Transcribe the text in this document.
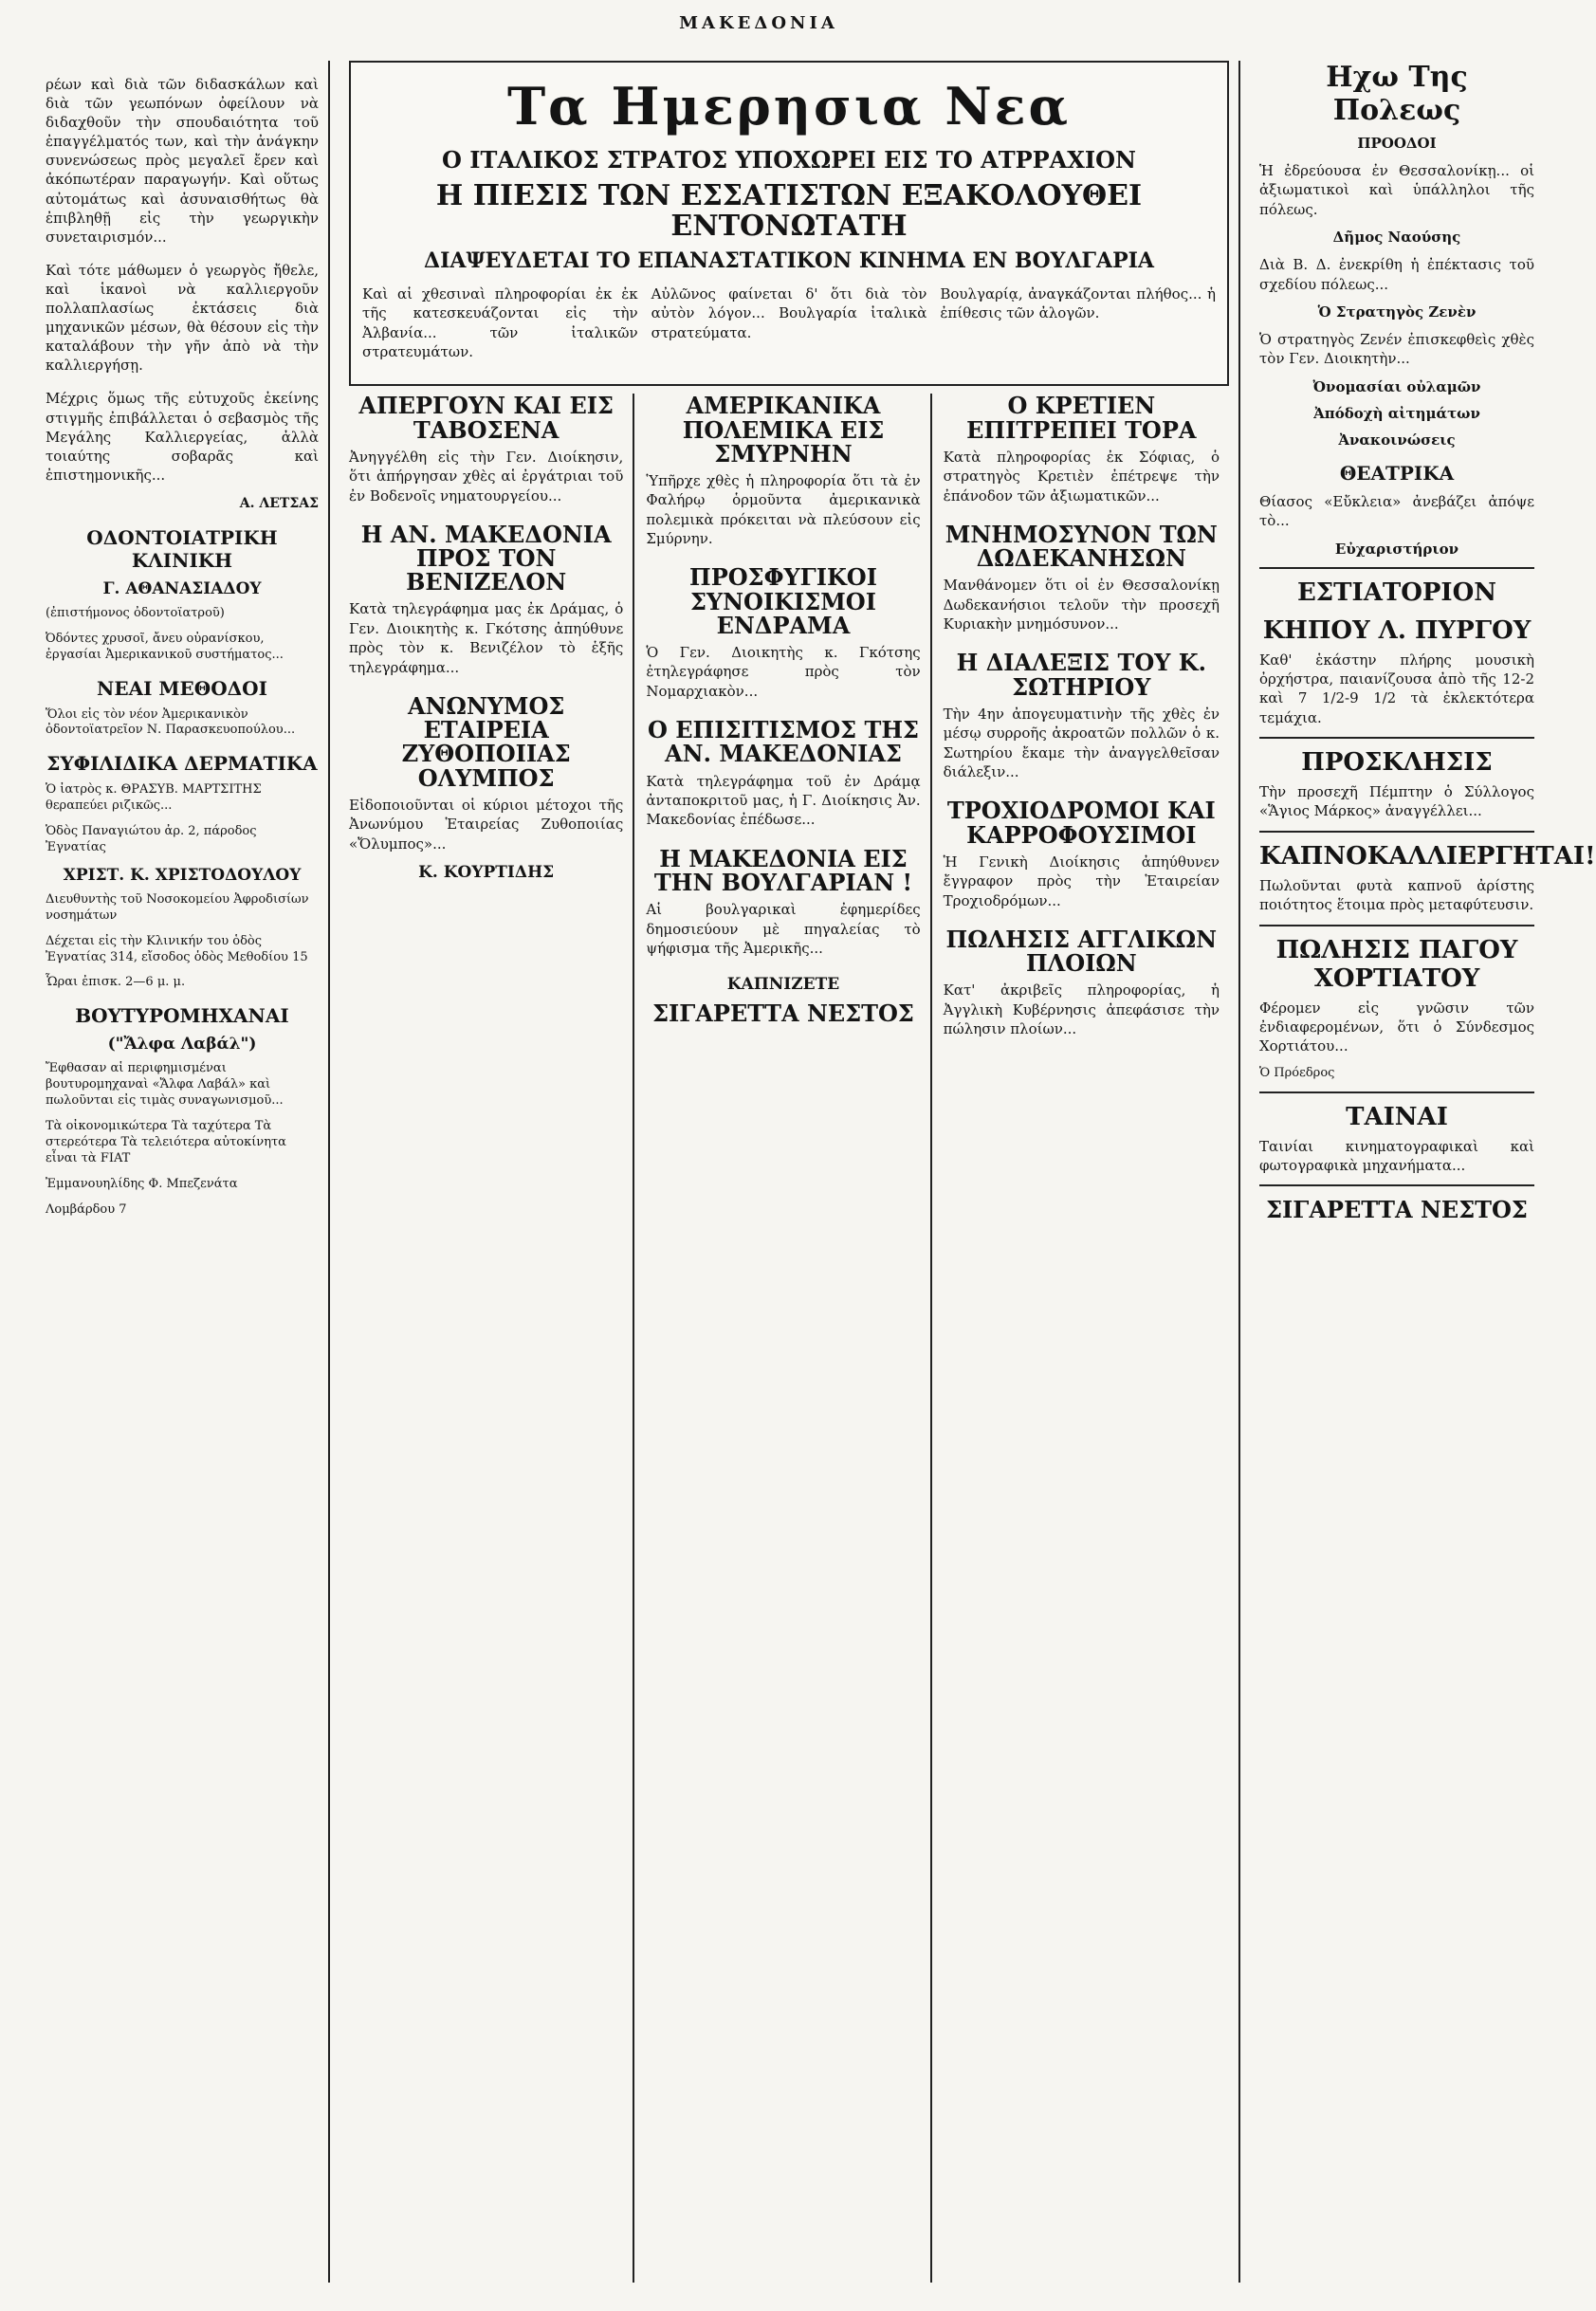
ΜΑΚΕΔΟΝΙΑ

ρέων καὶ διὰ τῶν διδασκάλων καὶ διὰ τῶν γεωπόνων ὀφείλουν νὰ διδαχθοῦν τὴν σπουδαιότητα τοῦ ἐπαγγέλματός των, καὶ τὴν ἀνάγκην συνενώσεως πρὸς μεγαλεῖ ἔρεν καὶ ἀκόπωτέραν παραγωγήν. Καὶ οὕτως αὐτομάτως καὶ ἀσυναισθήτως θὰ ἐπιβληθῇ εἰς τὴν γεωργικὴν συνεταιρισμόν...

Καὶ τότε μάθωμεν ὁ γεωργὸς ἤθελε, καὶ ἱκανοὶ νὰ καλλιεργοῦν πολλαπλασίως ἐκτάσεις διὰ μηχανικῶν μέσων, θὰ θέσουν εἰς τὴν καταλάβουν τὴν γῆν ἀπὸ νὰ τὴν καλλιεργήσῃ.

Μέχρις ὅμως τῆς εὐτυχοῦς ἐκείνης στιγμῆς ἐπιβάλλεται ὁ σεβασμὸς τῆς Μεγάλης Καλλιεργείας, ἀλλὰ τοιαύτης σοβαρᾶς καὶ ἐπιστημονικῆς...

Α. ΛΕΤΣΑΣ
ΟΔΟΝΤΟΙΑΤΡΙΚΗ ΚΛΙΝΙΚΗ
Γ. ΑΘΑΝΑΣΙΑΔΟΥ

(ἐπιστήμονος ὀδοντοϊατροῦ)

Ὀδόντες χρυσοῖ, ἄνευ οὐρανίσκου, ἐργασίαι Ἀμερικανικοῦ συστήματος...

ΝΕΑΙ ΜΕΘΟΔΟΙ

Ὅλοι εἰς τὸν νέον Ἀμερικανικὸν ὀδοντοϊατρεῖον Ν. Παρασκευοπούλου...

ΣΥΦΙΛΙΔΙΚΑ ΔΕΡΜΑΤΙΚΑ

Ὁ ἰατρὸς κ. ΘΡΑΣΥΒ. ΜΑΡΤΣΙΤΗΣ θεραπεύει ριζικῶς...

Ὁδὸς Παναγιώτου ἀρ. 2, πάροδος Ἐγνατίας

ΧΡΙΣΤ. Κ. ΧΡΙΣΤΟΔΟΥΛΟΥ

Διευθυντὴς τοῦ Νοσοκομείου Ἀφροδισίων νοσημάτων

Δέχεται εἰς τὴν Κλινικήν του ὁδὸς Ἐγνατίας 314, εἴσοδος ὁδὸς Μεθοδίου 15

Ὧραι ἐπισκ. 2—6 μ. μ.

ΒΟΥΤΥΡΟΜΗΧΑΝΑΙ
("Ἄλφα Λαβάλ")

Ἔφθασαν αἱ περιφημισμέναι βουτυρομηχαναὶ «Ἄλφα Λαβάλ» καὶ πωλοῦνται εἰς τιμὰς συναγωνισμοῦ...

Τὰ οἰκονομικώτερα Τὰ ταχύτερα Τὰ στερεότερα Τὰ τελειότερα αὐτοκίνητα εἶναι τὰ FIAT

Ἐμμανουηλίδης Φ. Μπεζενάτα

Λομβάρδου 7

Τα Ημερησια Νεα
Ο ΙΤΑΛΙΚΟΣ ΣΤΡΑΤΟΣ ΥΠΟΧΩΡΕΙ ΕΙΣ ΤΟ ΑΤΡΡΑΧΙΟΝ
Η ΠΙΕΣΙΣ ΤΩΝ ΕΣΣΑΤΙΣΤΩΝ ΕΞΑΚΟΛΟΥΘΕΙ ΕΝΤΟΝΩΤΑΤΗ
ΔΙΑΨΕΥΔΕΤΑΙ ΤΟ ΕΠΑΝΑΣΤΑΤΙΚΟΝ ΚΙΝΗΜΑ ΕΝ ΒΟΥΛΓΑΡΙΑ

Καὶ αἱ χθεσιναὶ πληροφορίαι ἐκ ἐκ τῆς κατεσκευάζονται εἰς τὴν Ἀλβανία... τῶν ἰταλικῶν στρατευμάτων.

Αὐλῶνος φαίνεται δ' ὅτι διὰ τὸν αὐτὸν λόγον... Βουλγαρία ἰταλικὰ στρατεύματα.

Βουλγαρίᾳ, ἀναγκάζονται πλήθος... ἡ ἐπίθεσις τῶν ἀλογῶν.

ΑΠΕΡΓΟΥΝ ΚΑΙ ΕΙΣ ΤΑΒΟΣΕΝΑ

Ἀνηγγέλθη εἰς τὴν Γεν. Διοίκησιν, ὅτι ἀπήργησαν χθὲς αἱ ἐργάτριαι τοῦ ἐν Βοδενοῖς νηματουργείου...

Η ΑΝ. ΜΑΚΕΔΟΝΙΑ ΠΡΟΣ ΤΟΝ ΒΕΝΙΖΕΛΟΝ

Κατὰ τηλεγράφημα μας ἐκ Δράμας, ὁ Γεν. Διοικητὴς κ. Γκότσης ἀπηύθυνε πρὸς τὸν κ. Βενιζέλον τὸ ἑξῆς τηλεγράφημα...

ΑΝΩΝΥΜΟΣ ΕΤΑΙΡΕΙΑ ΖΥΘΟΠΟΙΙΑΣ ΟΛΥΜΠΟΣ

Εἰδοποιοῦνται οἱ κύριοι μέτοχοι τῆς Ἀνωνύμου Ἑταιρείας Ζυθοποιίας «Ὄλυμπος»...

Κ. ΚΟΥΡΤΙΔΗΣ
ΑΜΕΡΙΚΑΝΙΚΑ ΠΟΛΕΜΙΚΑ ΕΙΣ ΣΜΥΡΝΗΝ

Ὑπῆρχε χθὲς ἡ πληροφορία ὅτι τὰ ἐν Φαλήρῳ ὁρμοῦντα ἀμερικανικὰ πολεμικὰ πρόκειται νὰ πλεύσουν εἰς Σμύρνην.

ΠΡΟΣΦΥΓΙΚΟΙ ΣΥΝΟΙΚΙΣΜΟΙ ΕΝΔΡΑΜΑ

Ὁ Γεν. Διοικητὴς κ. Γκότσης ἐτηλεγράφησε πρὸς τὸν Νομαρχιακὸν...

Ο ΕΠΙΣΙΤΙΣΜΟΣ ΤΗΣ ΑΝ. ΜΑΚΕΔΟΝΙΑΣ

Κατὰ τηλεγράφημα τοῦ ἐν Δράμᾳ ἀνταποκριτοῦ μας, ἡ Γ. Διοίκησις Ἀν. Μακεδονίας ἐπέδωσε...

Η ΜΑΚΕΔΟΝΙΑ ΕΙΣ ΤΗΝ ΒΟΥΛΓΑΡΙΑΝ !

Αἱ βουλγαρικαὶ ἐφημερίδες δημοσιεύουν μὲ πηγαλείας τὸ ψήφισμα τῆς Ἀμερικῆς...

ΚΑΠΝΙΖΕΤΕ
ΣΙΓΑΡΕΤΤΑ ΝΕΣΤΟΣ
Ο ΚΡΕΤΙΕΝ ΕΠΙΤΡΕΠΕΙ ΤΟΡΑ

Κατὰ πληροφορίας ἐκ Σόφιας, ὁ στρατηγὸς Κρετιὲν ἐπέτρεψε τὴν ἐπάνοδον τῶν ἀξιωματικῶν...

ΜΝΗΜΟΣΥΝΟΝ ΤΩΝ ΔΩΔΕΚΑΝΗΣΩΝ

Μανθάνομεν ὅτι οἱ ἐν Θεσσαλονίκῃ Δωδεκανήσιοι τελοῦν τὴν προσεχῆ Κυριακὴν μνημόσυνον...

Η ΔΙΑΛΕΞΙΣ ΤΟΥ Κ. ΣΩΤΗΡΙΟΥ

Τὴν 4ην ἀπογευματινὴν τῆς χθὲς ἐν μέσῳ συρροῆς ἀκροατῶν πολλῶν ὁ κ. Σωτηρίου ἔκαμε τὴν ἀναγγελθεῖσαν διάλεξιν...

ΤΡΟΧΙΟΔΡΟΜΟΙ ΚΑΙ ΚΑΡΡΟΦΟΥΣΙΜΟΙ

Ἡ Γενικὴ Διοίκησις ἀπηύθυνεν ἔγγραφον πρὸς τὴν Ἑταιρείαν Τροχιοδρόμων...

ΠΩΛΗΣΙΣ ΑΓΓΛΙΚΩΝ ΠΛΟΙΩΝ

Κατ' ἀκριβεῖς πληροφορίας, ἡ Ἀγγλικὴ Κυβέρνησις ἀπεφάσισε τὴν πώλησιν πλοίων...

Ηχω Της Πολεως
ΠΡΟΟΔΟΙ

Ἡ ἐδρεύουσα ἐν Θεσσαλονίκῃ... οἱ ἀξιωματικοὶ καὶ ὑπάλληλοι τῆς πόλεως.

Δῆμος Ναούσης

Διὰ Β. Δ. ἐνεκρίθη ἡ ἐπέκτασις τοῦ σχεδίου πόλεως...

Ὁ Στρατηγὸς Ζενὲν

Ὁ στρατηγὸς Ζενέν ἐπισκεφθεὶς χθὲς τὸν Γεν. Διοικητὴν...

Ὀνομασίαι οὐλαμῶν
Ἀπόδοχὴ αἰτημάτων
Ἀνακοινώσεις
ΘΕΑΤΡΙΚΑ

Θίασος «Εὔκλεια» ἀνεβάζει ἀπόψε τὸ...

Εὐχαριστήριον
ΕΣΤΙΑΤΟΡΙΟΝ
ΚΗΠΟΥ Λ. ΠΥΡΓΟΥ

Καθ' ἑκάστην πλήρης μουσικὴ ὀρχήστρα, παιανίζουσα ἀπὸ τῆς 12-2 καὶ 7 1/2-9 1/2 τὰ ἐκλεκτότερα τεμάχια.

ΠΡΟΣΚΛΗΣΙΣ

Τὴν προσεχῆ Πέμπτην ὁ Σύλλογος «Ἅγιος Μάρκος» ἀναγγέλλει...

ΚΑΠΝΟΚΑΛΛΙΕΡΓΗΤΑΙ!

Πωλοῦνται φυτὰ καπνοῦ ἀρίστης ποιότητος ἕτοιμα πρὸς μεταφύτευσιν.

ΠΩΛΗΣΙΣ ΠΑΓΟΥ ΧΟΡΤΙΑΤΟΥ

Φέρομεν εἰς γνῶσιν τῶν ἐνδιαφερομένων, ὅτι ὁ Σύνδεσμος Χορτιάτου...

Ὁ Πρόεδρος

ΤΑΙΝΑΙ

Ταινίαι κινηματογραφικαὶ καὶ φωτογραφικὰ μηχανήματα...

ΣΙΓΑΡΕΤΤΑ ΝΕΣΤΟΣ
